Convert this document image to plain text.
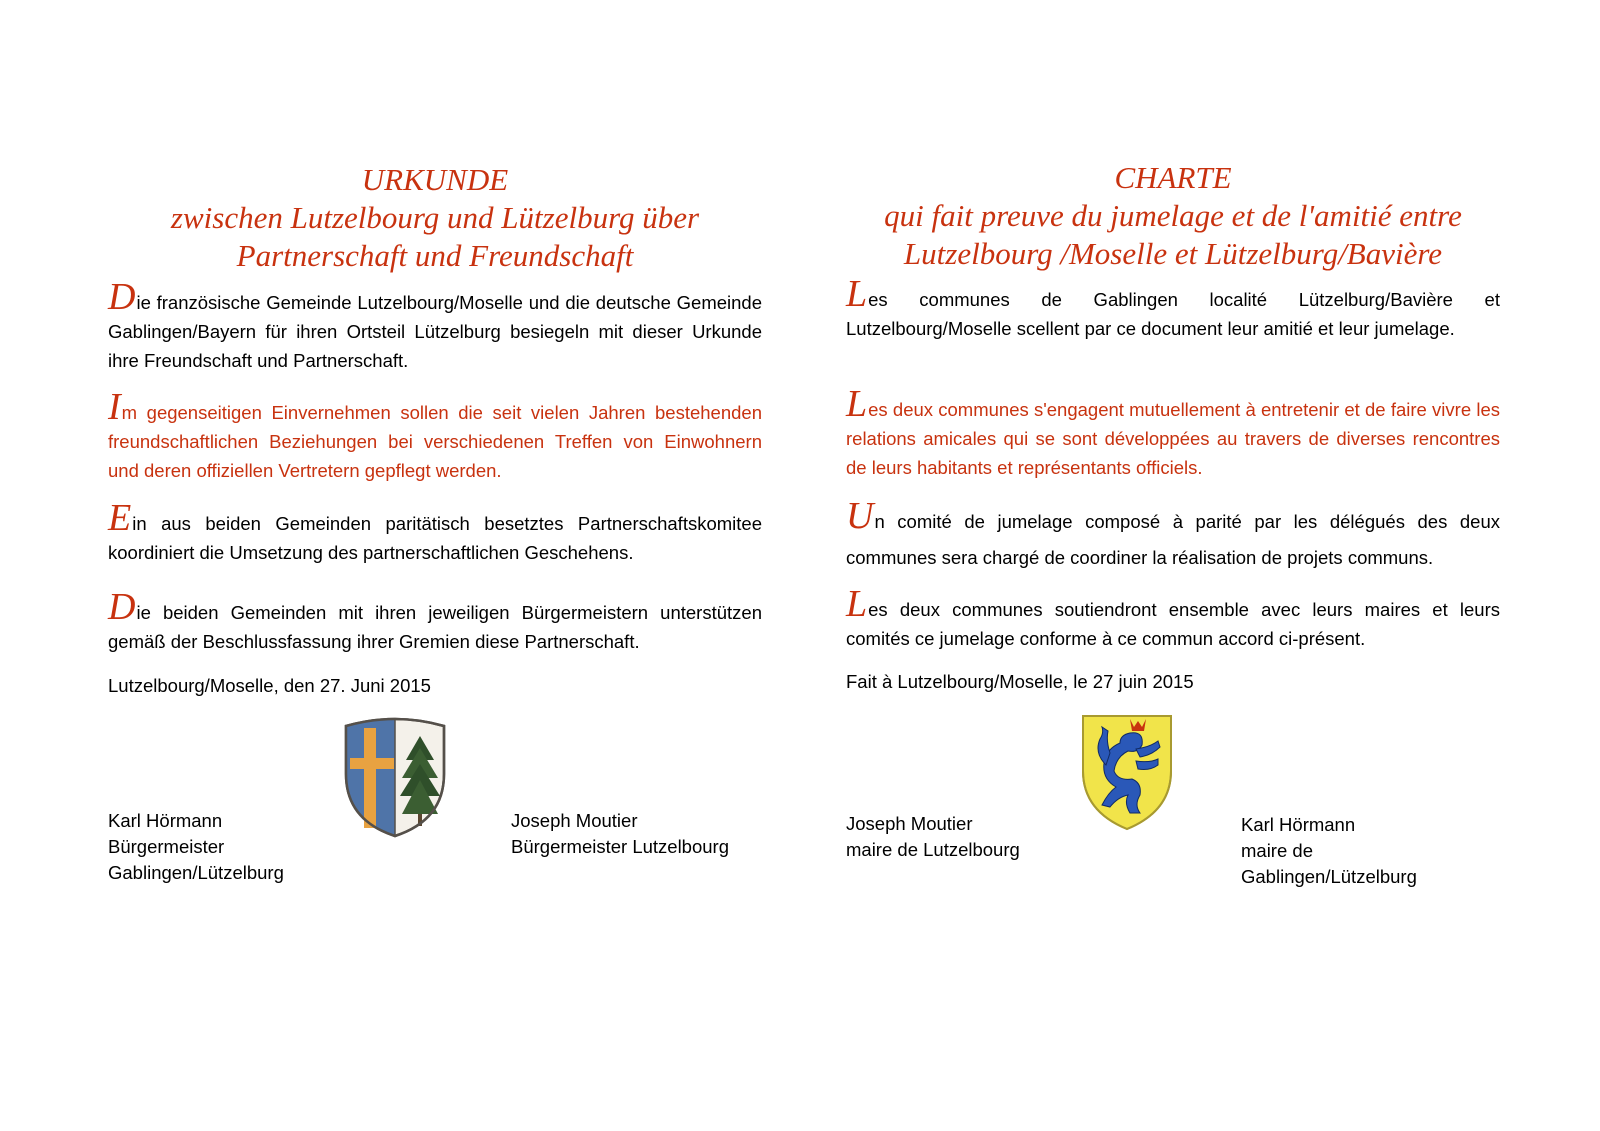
URKUNDE
zwischen Lutzelbourg und Lützelburg über
Partnerschaft und Freundschaft

Die französische Gemeinde Lutzelbourg/Moselle und die deutsche Gemeinde Gablingen/Bayern für ihren Ortsteil Lützelburg besiegeln mit dieser Urkunde ihre Freundschaft und Partnerschaft.

Im gegenseitigen Einvernehmen sollen die seit vielen Jahren bestehenden freundschaftlichen Beziehungen bei verschiedenen Treffen von Einwohnern und deren offiziellen Vertretern gepflegt werden.

Ein aus beiden Gemeinden paritätisch besetztes Partnerschaftskomitee koordiniert die Umsetzung des partnerschaftlichen Geschehens.

Die beiden Gemeinden mit ihren jeweiligen Bürgermeistern unterstützen gemäß der Beschlussfassung ihrer Gremien diese Partnerschaft.

Lutzelbourg/Moselle, den 27. Juni 2015
Karl Hörmann
Bürgermeister
Gablingen/Lützelburg
Joseph Moutier
Bürgermeister Lutzelbourg
CHARTE
qui fait preuve du jumelage et de l'amitié entre
Lutzelbourg /Moselle et Lützelburg/Bavière

Les communes de Gablingen localité Lützelburg/Bavière et Lutzelbourg/Moselle scellent par ce document leur amitié et leur jumelage.

Les deux communes s'engagent mutuellement à entretenir et de faire vivre les relations amicales qui se sont développées au travers de diverses rencontres de leurs habitants et représentants officiels.

Un comité de jumelage composé à parité par les délégués des deux communes sera chargé de coordiner la réalisation de projets communs.

Les deux communes soutiendront ensemble avec leurs maires et leurs comités ce jumelage conforme à ce commun accord ci-présent.

Fait à Lutzelbourg/Moselle, le 27 juin 2015
Joseph Moutier
maire de Lutzelbourg
Karl Hörmann
maire de
Gablingen/Lützelburg
